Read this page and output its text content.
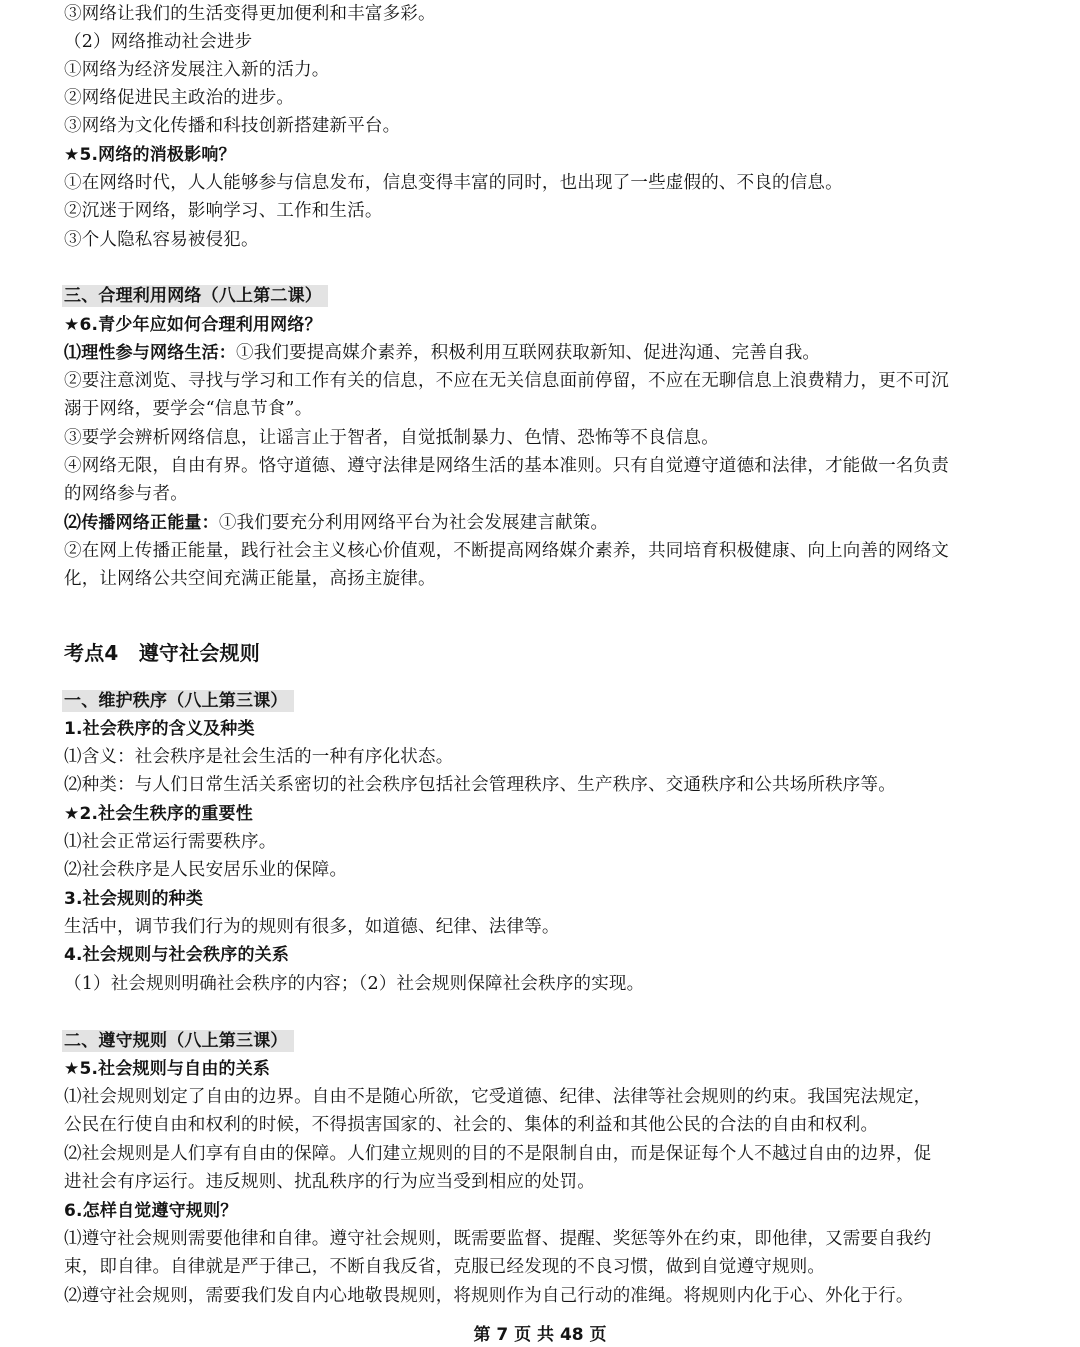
③网络让我们的生活变得更加便利和丰富多彩。
（2）网络推动社会进步
①网络为经济发展注入新的活力。
②网络促进民主政治的进步。
③网络为文化传播和科技创新搭建新平台。
★5.网络的消极影响？
①在网络时代，人人能够参与信息发布，信息变得丰富的同时，也出现了一些虚假的、不良的信息。
②沉迷于网络，影响学习、工作和生活。
③个人隐私容易被侵犯。
三、合理利用网络（八上第二课）
★6.青少年应如何合理利用网络？
⑴理性参与网络生活：①我们要提高媒介素养，积极利用互联网获取新知、促进沟通、完善自我。
②要注意浏览、寻找与学习和工作有关的信息，不应在无关信息面前停留，不应在无聊信息上浪费精力，更不可沉
溺于网络，要学会“信息节食”。
③要学会辨析网络信息，让谣言止于智者，自觉抵制暴力、色情、恐怖等不良信息。
④网络无限，自由有界。恪守道德、遵守法律是网络生活的基本准则。只有自觉遵守道德和法律，才能做一名负责
的网络参与者。
⑵传播网络正能量：①我们要充分利用网络平台为社会发展建言献策。
②在网上传播正能量，践行社会主义核心价值观，不断提高网络媒介素养，共同培育积极健康、向上向善的网络文
化，让网络公共空间充满正能量，高扬主旋律。
考点4　遵守社会规则
一、维护秩序（八上第三课）
1.社会秩序的含义及种类
⑴含义：社会秩序是社会生活的一种有序化状态。
⑵种类：与人们日常生活关系密切的社会秩序包括社会管理秩序、生产秩序、交通秩序和公共场所秩序等。
★2.社会生秩序的重要性
⑴社会正常运行需要秩序。
⑵社会秩序是人民安居乐业的保障。
3.社会规则的种类
生活中，调节我们行为的规则有很多，如道德、纪律、法律等。
4.社会规则与社会秩序的关系
（1）社会规则明确社会秩序的内容；（2）社会规则保障社会秩序的实现。
二、遵守规则（八上第三课）
★5.社会规则与自由的关系
⑴社会规则划定了自由的边界。自由不是随心所欲，它受道德、纪律、法律等社会规则的约束。我国宪法规定，
公民在行使自由和权利的时候，不得损害国家的、社会的、集体的利益和其他公民的合法的自由和权利。
⑵社会规则是人们享有自由的保障。人们建立规则的目的不是限制自由，而是保证每个人不越过自由的边界，促
进社会有序运行。违反规则、扰乱秩序的行为应当受到相应的处罚。
6.怎样自觉遵守规则？
⑴遵守社会规则需要他律和自律。遵守社会规则，既需要监督、提醒、奖惩等外在约束，即他律，又需要自我约
束，即自律。自律就是严于律己，不断自我反省，克服已经发现的不良习惯，做到自觉遵守规则。
⑵遵守社会规则，需要我们发自内心地敬畏规则，将规则作为自己行动的准绳。将规则内化于心、外化于行。
第 7 页 共 48 页
